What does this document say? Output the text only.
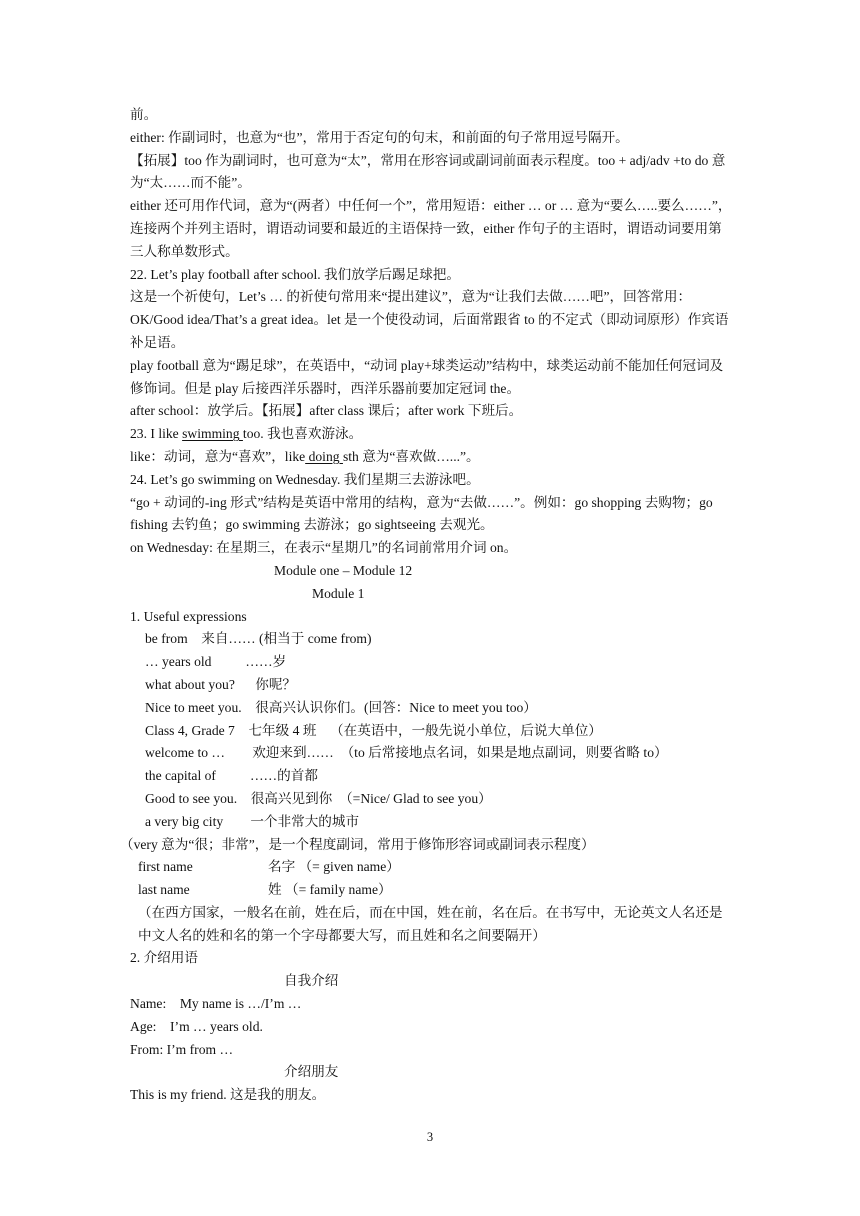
前。
either: 作副词时，也意为“也”，常用于否定句的句末，和前面的句子常用逗号隔开。
【拓展】too 作为副词时，也可意为“太”，常用在形容词或副词前面表示程度。too + adj/adv +to do 意为“太……而不能”。
either 还可用作代词，意为“(两者）中任何一个”，常用短语：either … or … 意为“要么…..要么……”，连接两个并列主语时，谓语动词要和最近的主语保持一致，either 作句子的主语时，谓语动词要用第三人称单数形式。
22. Let’s play football after school. 我们放学后踢足球把。
这是一个祈使句，Let’s … 的祈使句常用来“提出建议”，意为“让我们去做……吧”，回答常用：OK/Good idea/That’s a great idea。let 是一个使役动词，后面常跟省 to 的不定式（即动词原形）作宾语补足语。
play football 意为“踢足球”，在英语中，“动词 play+球类运动”结构中，球类运动前不能加任何冠词及修饰词。但是 play 后接西洋乐器时，西洋乐器前要加定冠词 the。
after school：放学后。【拓展】after class 课后；after work 下班后。
23. I like swimming too. 我也喜欢游泳。
like：动词，意为“喜欢”，like doing sth 意为“喜欢做…...”。
24. Let’s go swimming on Wednesday. 我们星期三去游泳吧。
“go + 动词的-ing 形式”结构是英语中常用的结构，意为“去做……”。例如：go shopping 去购物；go fishing 去钓鱼；go swimming 去游泳；go sightseeing 去观光。
on Wednesday: 在星期三，在表示“星期几”的名词前常用介词 on。
Module one – Module 12
Module 1
1. Useful expressions
be from    来自…… (相当于 come from)
… years old          ……岁
what about you?      你呢？
Nice to meet you.    很高兴认识你们。(回答：Nice to meet you too）
Class 4, Grade 7    七年级 4 班    （在英语中，一般先说小单位，后说大单位）
welcome to …        欢迎来到……  （to 后常接地点名词，如果是地点副词，则要省略 to）
the capital of          ……的首都
Good to see you.    很高兴见到你  （=Nice/ Glad to see you）
a very big city        一个非常大的城市
（very 意为“很；非常”，是一个程度副词，常用于修饰形容词或副词表示程度）
first name	名字 （= given name）
last name	姓 （= family name）
（在西方国家，一般名在前，姓在后，而在中国，姓在前，名在后。在书写中，无论英文人名还是中文人名的姓和名的第一个字母都要大写，而且姓和名之间要隔开）
2. 介绍用语
自我介绍
Name:    My name is …/I’m …
Age:    I’m … years old.
From: I’m from …
介绍朋友
This is my friend. 这是我的朋友。
3
